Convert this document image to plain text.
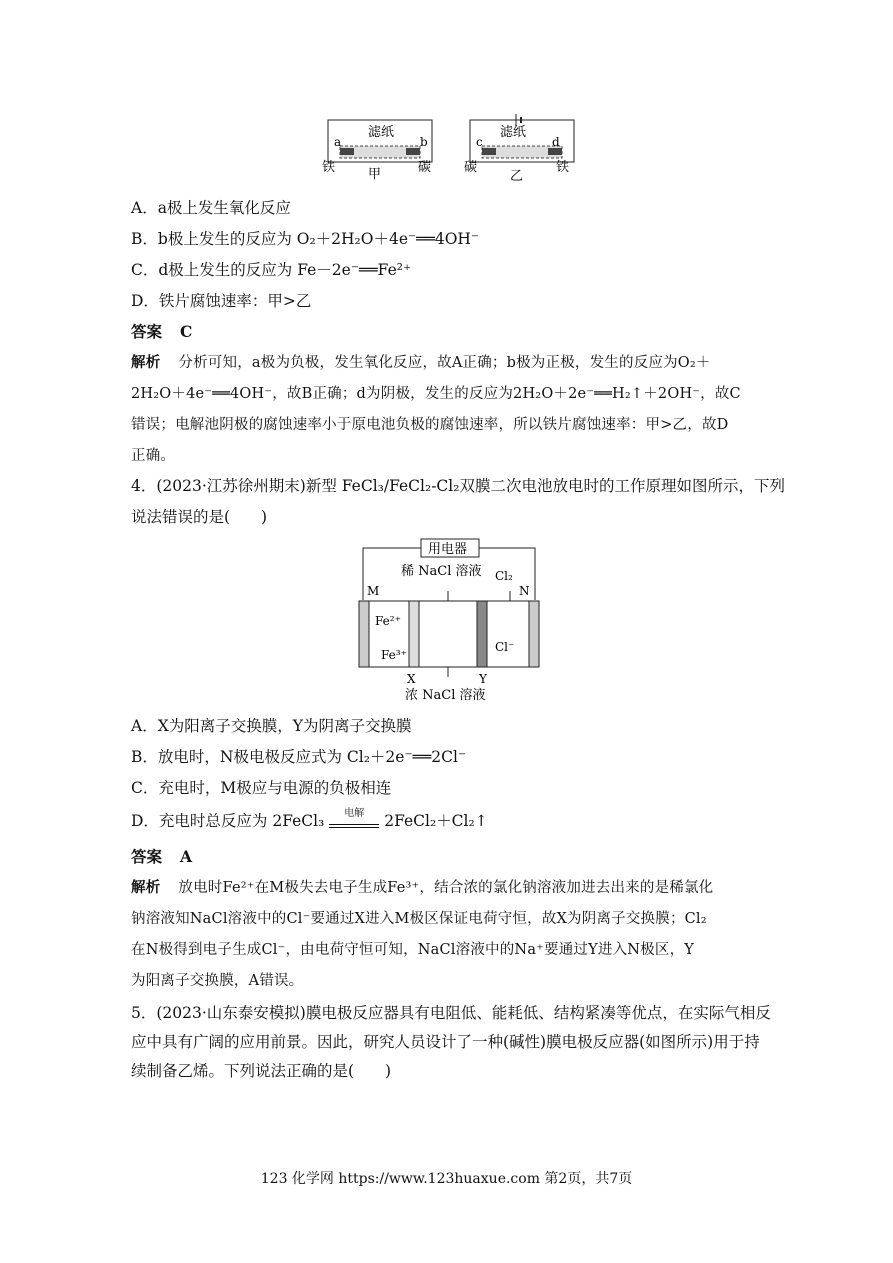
滤纸
a	b
铁	碳
甲
滤纸
c	d
碳	铁
乙
A．a极上发生氧化反应
B．b极上发生的反应为 O₂＋2H₂O＋4e⁻══4OH⁻
C．d极上发生的反应为 Fe－2e⁻══Fe²⁺
D．铁片腐蚀速率：甲>乙
答案 C
解析 分析可知，a极为负极，发生氧化反应，故A正确；b极为正极，发生的反应为O₂＋
2H₂O＋4e⁻══4OH⁻，故B正确；d为阴极，发生的反应为2H₂O＋2e⁻══H₂↑＋2OH⁻，故C
错误；电解池阴极的腐蚀速率小于原电池负极的腐蚀速率，所以铁片腐蚀速率：甲>乙，故D
正确。
4．(2023·江苏徐州期末)新型 FeCl₃/FeCl₂-Cl₂双膜二次电池放电时的工作原理如图所示，下列
说法错误的是(　　)
用电器
稀 NaCl 溶液 Cl₂
M	N
Fe²⁺
Fe³⁺
Cl⁻
X	Y
浓 NaCl 溶液
A．X为阳离子交换膜，Y为阴离子交换膜
B．放电时，N极电极反应式为 Cl₂＋2e⁻══2Cl⁻
C．充电时，M极应与电源的负极相连
D．充电时总反应为 2FeCl₃	电解	2FeCl₂＋Cl₂↑
答案 A
解析 放电时Fe²⁺在M极失去电子生成Fe³⁺，结合浓的氯化钠溶液加进去出来的是稀氯化
钠溶液知NaCl溶液中的Cl⁻要通过X进入M极区保证电荷守恒，故X为阴离子交换膜；Cl₂
在N极得到电子生成Cl⁻，由电荷守恒可知，NaCl溶液中的Na⁺要通过Y进入N极区，Y
为阳离子交换膜，A错误。
5．(2023·山东泰安模拟)膜电极反应器具有电阻低、能耗低、结构紧凑等优点，在实际气相反
应中具有广阔的应用前景。因此，研究人员设计了一种(碱性)膜电极反应器(如图所示)用于持
续制备乙烯。下列说法正确的是(　　)
123 化学网 https://www.123huaxue.com 第2页，共7页
